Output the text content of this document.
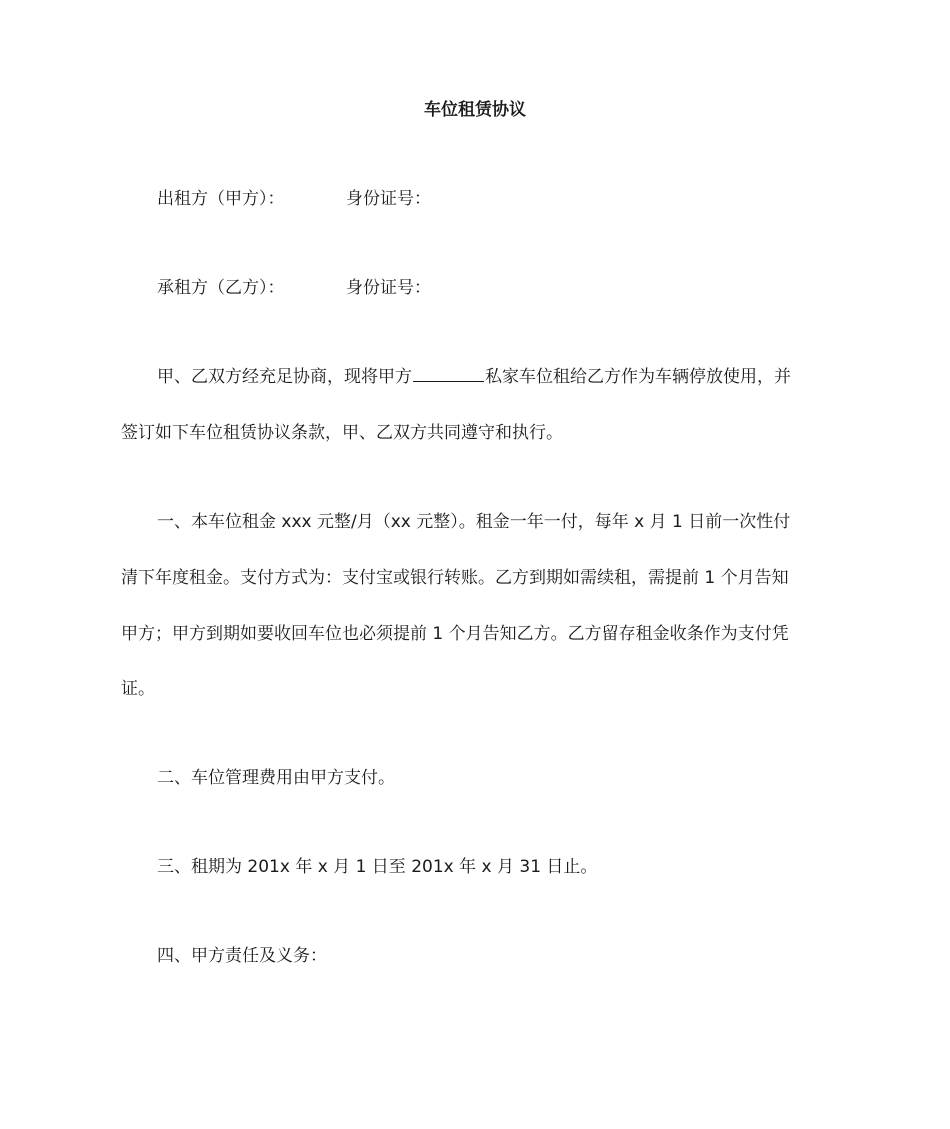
车位租赁协议
出租方（甲方）：	身份证号：
承租方（乙方）：	身份证号：
甲、乙双方经充足协商，现将甲方	私家车位租给乙方作为车辆停放使用，并
签订如下车位租赁协议条款，甲、乙双方共同遵守和执行。
一、本车位租金 xxx 元整/月（xx 元整）。租金一年一付，每年 x 月 1 日前一次性付
清下年度租金。支付方式为：支付宝或银行转账。乙方到期如需续租，需提前 1 个月告知
甲方；甲方到期如要收回车位也必须提前 1 个月告知乙方。乙方留存租金收条作为支付凭
证。
二、车位管理费用由甲方支付。
三、租期为 201x 年 x 月 1 日至 201x 年 x 月 31 日止。
四、甲方责任及义务：
